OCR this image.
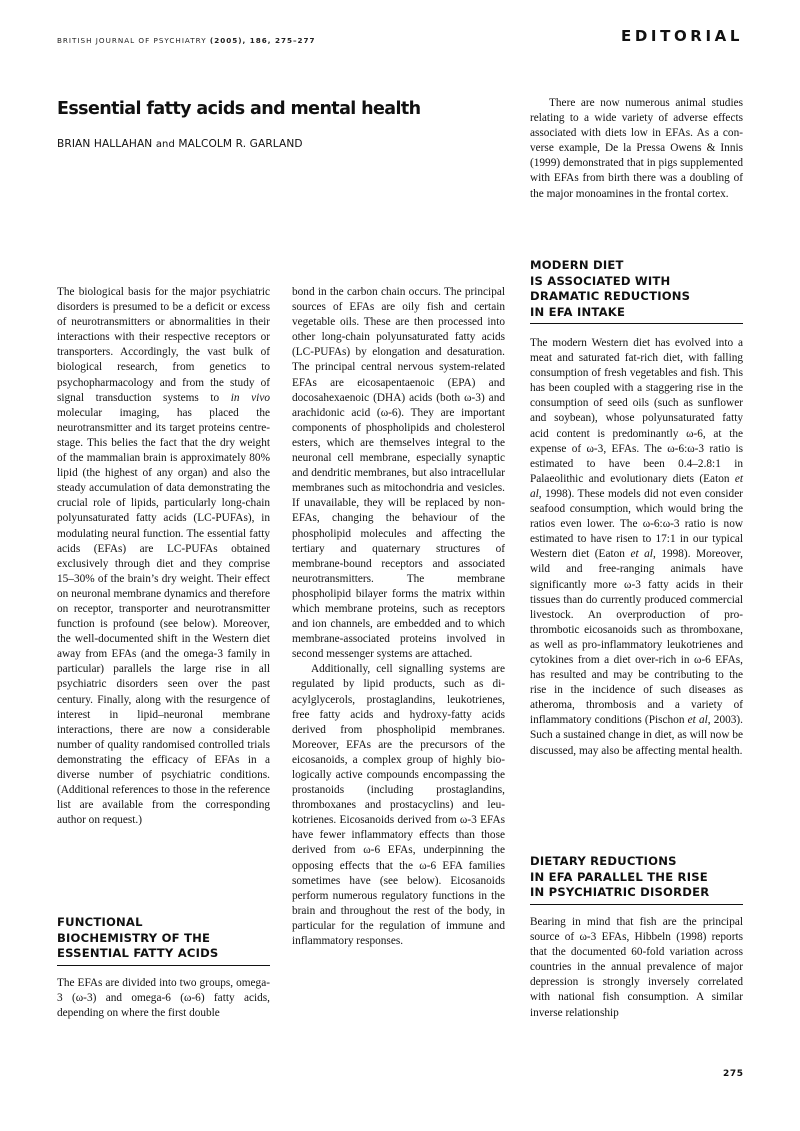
BRITISH JOURNAL OF PSYCHIATRY (2005), 186, 275–277	EDITORIAL
Essential fatty acids and mental health

BRIAN HALLAHAN and MALCOLM R. GARLAND

The biological basis for the major psychiatric disorders is presumed to be a deficit or excess of neurotransmitters or abnormalities in their interactions with their respective receptors or transporters. Accordingly, the vast bulk of biological research, from genetics to psychopharmacology and from the study of signal transduction systems to in vivo molecular imaging, has placed the neurotransmitter and its target proteins centre-stage. This belies the fact that the dry weight of the mammalian brain is approximately 80% lipid (the highest of any organ) and also the steady accumulation of data demonstrating the crucial role of lipids, particularly long-chain polyunsaturated fatty acids (LC-PUFAs), in modulating neural function. The essential fatty acids (EFAs) are LC-PUFAs obtained exclusively through diet and they comprise 15–30% of the brain’s dry weight. Their effect on neuronal membrane dynamics and therefore on receptor, transporter and neurotransmitter function is profound (see below). Moreover, the well-documented shift in the Western diet away from EFAs (and the omega-3 family in particular) parallels the large rise in all psychiatric disorders seen over the past century. Finally, along with the resurgence of interest in lipid–neuronal membrane interactions, there are now a considerable number of quality randomised controlled trials demonstrating the efficacy of EFAs in a diverse number of psychiatric conditions. (Additional references to those in the reference list are available from the corresponding author on request.)

FUNCTIONAL
BIOCHEMISTRY OF THE
ESSENTIAL FATTY ACIDS

The EFAs are divided into two groups, omega-3 (ω-3) and omega-6 (ω-6) fatty acids, depending on where the first double

bond in the carbon chain occurs. The principal sources of EFAs are oily fish and certain vegetable oils. These are then processed into other long-chain polyunsaturated fatty acids (LC-PUFAs) by elongation and desaturation. The principal central nervous system-related EFAs are eicosapentaenoic (EPA) and docosahexaenoic (DHA) acids (both ω-3) and arachidonic acid (ω-6). They are important components of phospholipids and cholesterol esters, which are themselves integral to the neuronal cell membrane, especially synaptic and dendritic membranes, but also intracellular membranes such as mitochondria and vesicles. If unavailable, they will be replaced by non-EFAs, changing the behaviour of the phospholipid molecules and affecting the tertiary and quaternary structures of membrane-bound receptors and associated neurotransmitters. The membrane phospholipid bilayer forms the matrix within which membrane proteins, such as receptors and ion channels, are embedded and to which membrane-associated proteins involved in second messenger systems are attached.

Additionally, cell signalling systems are regulated by lipid products, such as diacylglycerols, prostaglandins, leukotrienes, free fatty acids and hydroxy-fatty acids derived from phospholipid membranes. Moreover, EFAs are the precursors of the eicosanoids, a complex group of highly biologically active compounds encompassing the prostanoids (including prostaglandins, thromboxanes and prostacyclins) and leukotrienes. Eicosanoids derived from ω-3 EFAs have fewer inflammatory effects than those derived from ω-6 EFAs, underpinning the opposing effects that the ω-6 EFA families sometimes have (see below). Eicosanoids perform numerous regulatory functions in the brain and throughout the rest of the body, in particular for the regulation of immune and inflammatory responses.

There are now numerous animal studies relating to a wide variety of adverse effects associated with diets low in EFAs. As a converse example, De la Pressa Owens & Innis (1999) demonstrated that in pigs supplemented with EFAs from birth there was a doubling of the major monoamines in the frontal cortex.

MODERN DIET
IS ASSOCIATED WITH
DRAMATIC REDUCTIONS
IN EFA INTAKE

The modern Western diet has evolved into a meat and saturated fat-rich diet, with falling consumption of fresh vegetables and fish. This has been coupled with a staggering rise in the consumption of seed oils (such as sunflower and soybean), whose polyunsaturated fatty acid content is predominantly ω-6, at the expense of ω-3, EFAs. The ω-6:ω-3 ratio is estimated to have been 0.4–2.8:1 in Palaeolithic and evolutionary diets (Eaton et al, 1998). These models did not even consider seafood consumption, which would bring the ratios even lower. The ω-6:ω-3 ratio is now estimated to have risen to 17:1 in our typical Western diet (Eaton et al, 1998). Moreover, wild and free-ranging animals have significantly more ω-3 fatty acids in their tissues than do currently produced commercial livestock. An overproduction of pro-thrombotic eicosanoids such as thromboxane, as well as pro-inflammatory leukotrienes and cytokines from a diet over-rich in ω-6 EFAs, has resulted and may be contributing to the rise in the incidence of such diseases as atheroma, thrombosis and a variety of inflammatory conditions (Pischon et al, 2003). Such a sustained change in diet, as will now be discussed, may also be affecting mental health.

DIETARY REDUCTIONS
IN EFA PARALLEL THE RISE
IN PSYCHIATRIC DISORDER

Bearing in mind that fish are the principal source of ω-3 EFAs, Hibbeln (1998) reports that the documented 60-fold variation across countries in the annual prevalence of major depression is strongly inversely correlated with national fish consumption. A similar inverse relationship

275
